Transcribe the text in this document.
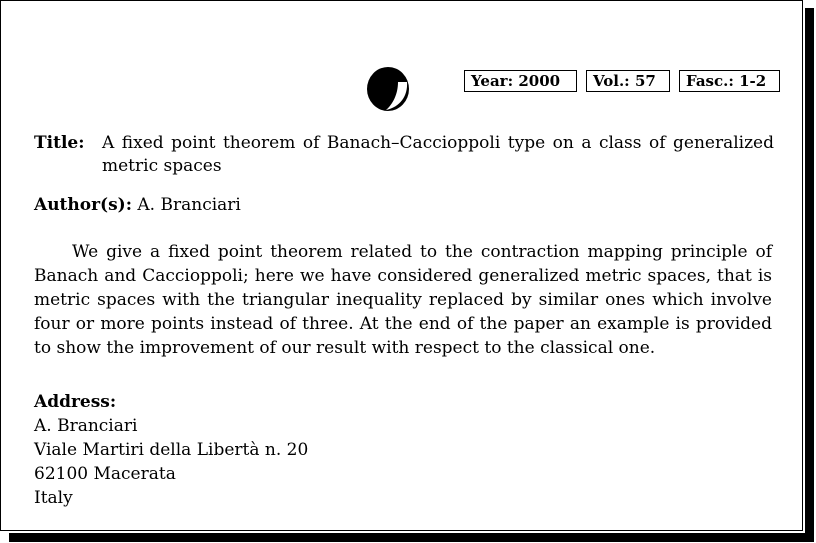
Year: 2000	Vol.: 57	Fasc.: 1-2
Title: A fixed point theorem of Banach–Caccioppoli type on a class of generalized metric spaces
Author(s): A. Branciari

We give a fixed point theorem related to the contraction mapping principle of Banach and Caccioppoli; here we have considered generalized metric spaces, that is metric spaces with the triangular inequality replaced by similar ones which involve four or more points instead of three. At the end of the paper an example is provided to show the improvement of our result with respect to the classical one.

Address:
A. Branciari
Viale Martiri della Libertà n. 20
62100 Macerata
Italy
